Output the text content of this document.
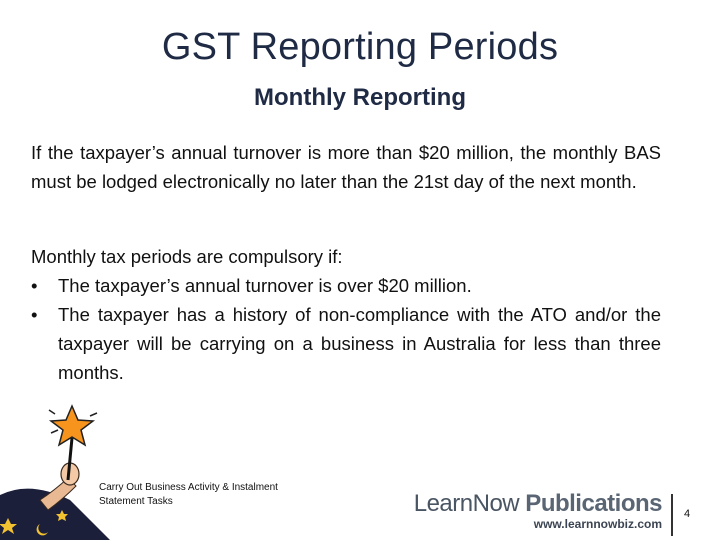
GST Reporting Periods
Monthly Reporting
If the taxpayer’s annual turnover is more than $20 million, the monthly BAS must be lodged electronically no later than the 21st day of the next month.
Monthly tax periods are compulsory if:
• The taxpayer’s annual turnover is over $20 million.
• The taxpayer has a history of non-compliance with the ATO and/or the taxpayer will be carrying on a business in Australia for less than three months.
Carry Out Business Activity & Instalment Statement Tasks	LearnNow Publications
www.learnnowbiz.com
4
